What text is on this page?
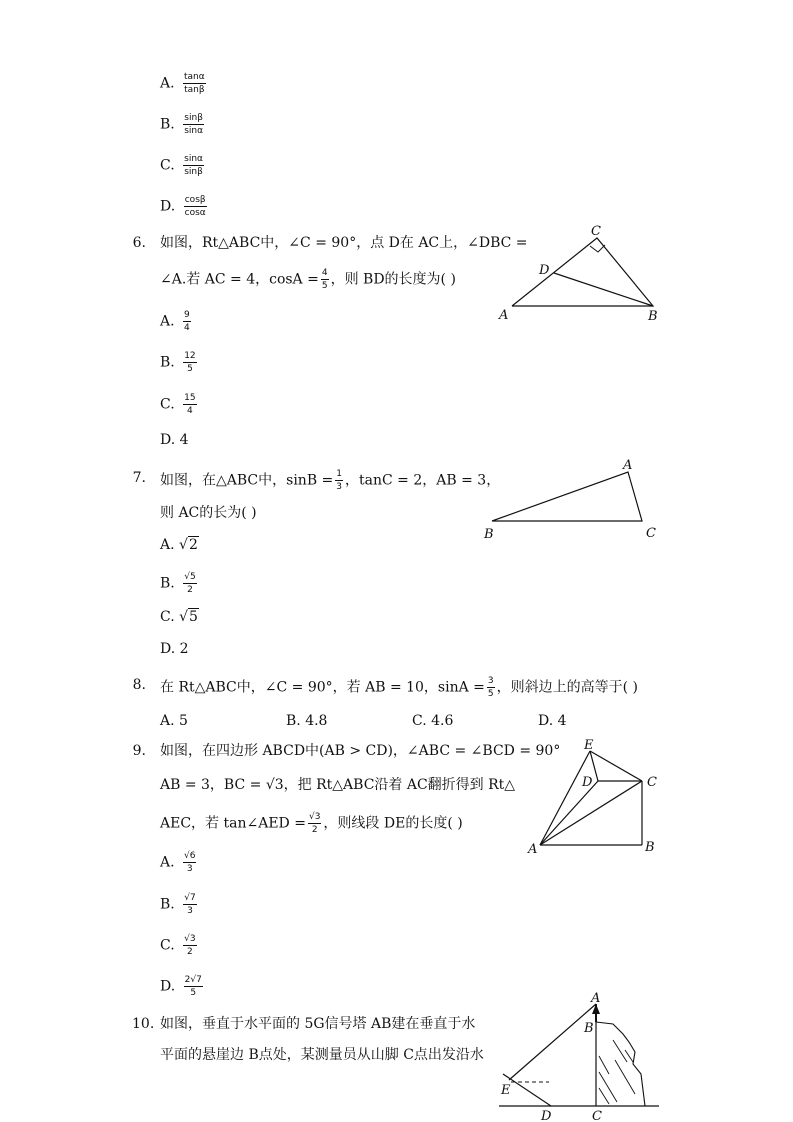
A. $\frac{\tan\alpha}{\tan\beta}$
B. $\frac{\sin\beta}{\sin\alpha}$
C. $\frac{\sin\alpha}{\sin\beta}$
D. $\frac{\cos\beta}{\cos\alpha}$
6. 如图，Rt△ABC中，∠C = 90°，点 D在 AC上，∠DBC =
∠A.若 AC = 4，$\cos A = \frac{4}{5}$ ，则 BD的长度为( )
A. $\frac{9}{4}$
B. $\frac{12}{5}$
C. $\frac{15}{4}$
D. 4
A	B
C
D
7. 如图，在△ABC中，$\sin B = \frac{1}{3}$ ，tanC = 2，AB = 3，
则 AC的长为( )
A. √2
B. $\frac{√5}{2}$
C. √5
D. 2
B	C
A
8. 在 Rt△ABC中，∠C = 90°，若 AB = 10，$\sin A = \frac{3}{5}$ ，则斜边上的高等于( )
A. 5	B. 4.8	C. 4.6	D. 4
9. 如图，在四边形 ABCD中(AB > CD)，∠ABC = ∠BCD = 90°
AB = 3，BC = √3，把 Rt△ABC沿着 AC翻折得到 Rt△
AEC，若 tan∠AED = $\frac{√3}{2}$ ，则线段 DE的长度( )
A. $\frac{√6}{3}$
B. $\frac{√7}{3}$
C. $\frac{√3}{2}$
D. $\frac{2√7}{5}$
A	B
C
D
E
10. 如图，垂直于水平面的 5G信号塔 AB建在垂直于水
平面的悬崖边 B点处，某测量员从山脚 C点出发沿水
A
B
C
D
E
